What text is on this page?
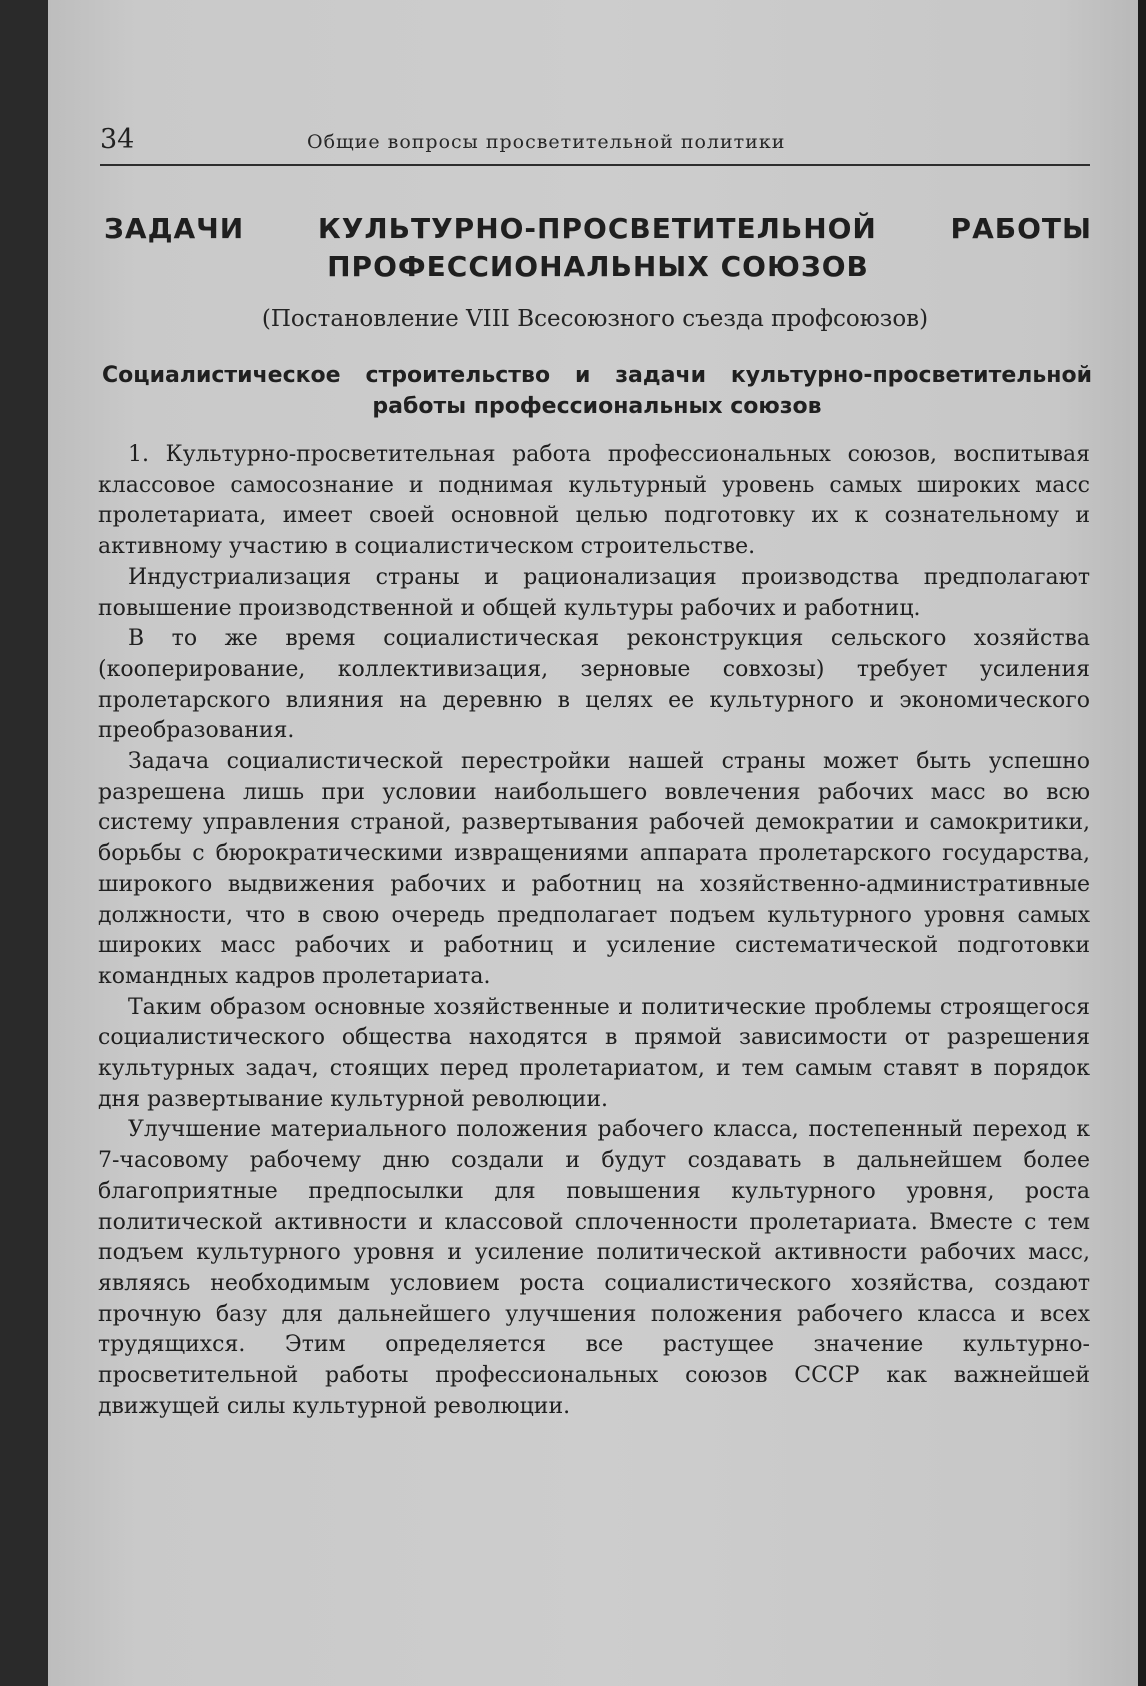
34	Общие вопросы просветительной политики
ЗАДАЧИ КУЛЬТУРНО-ПРОСВЕТИТЕЛЬНОЙ РАБОТЫ ПРОФЕССИОНАЛЬНЫХ СОЮЗОВ
(Постановление VIII Всесоюзного съезда профсоюзов)
Социалистическое строительство и задачи культурно-просветительной работы профессиональных союзов

1. Культурно-просветительная работа профессиональных союзов, воспитывая классовое самосознание и поднимая культурный уровень самых широких масс пролетариата, имеет своей основной целью подготовку их к сознательному и активному участию в социалистическом строительстве.

Индустриализация страны и рационализация производства предполагают повышение производственной и общей культуры рабочих и работниц.

В то же время социалистическая реконструкция сельского хозяйства (кооперирование, коллективизация, зерновые совхозы) требует усиления пролетарского влияния на деревню в целях ее культурного и экономического преобразования.

Задача социалистической перестройки нашей страны может быть успешно разрешена лишь при условии наибольшего вовлечения рабочих масс во всю систему управления страной, развертывания рабочей демократии и самокритики, борьбы с бюрократическими извращениями аппарата пролетарского государства, широкого выдвижения рабочих и работниц на хозяйственно-административные должности, что в свою очередь предполагает подъем культурного уровня самых широких масс рабочих и работниц и усиление систематической подготовки командных кадров пролетариата.

Таким образом основные хозяйственные и политические проблемы строящегося социалистического общества находятся в прямой зависимости от разрешения культурных задач, стоящих перед пролетариатом, и тем самым ставят в порядок дня развертывание культурной революции.

Улучшение материального положения рабочего класса, постепенный переход к 7-часовому рабочему дню создали и будут создавать в дальнейшем более благоприятные предпосылки для повышения культурного уровня, роста политической активности и классовой сплоченности пролетариата. Вместе с тем подъем культурного уровня и усиление политической активности рабочих масс, являясь необходимым условием роста социалистического хозяйства, создают прочную базу для дальнейшего улучшения положения рабочего класса и всех трудящихся. Этим определяется все растущее значение культурно-просветительной работы профессиональных союзов СССР как важнейшей движущей силы культурной революции.
